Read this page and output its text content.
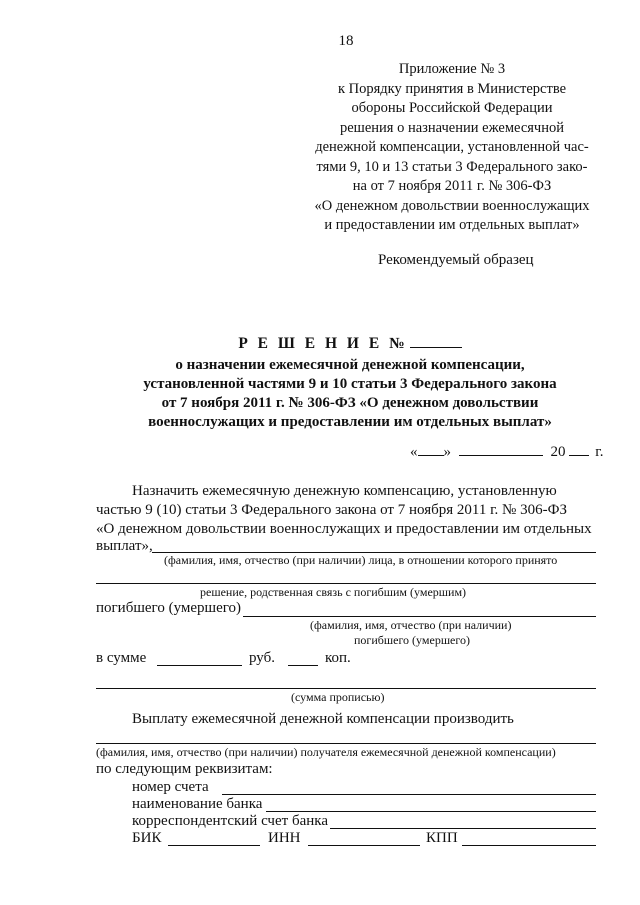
18
Приложение № 3
к Порядку принятия в Министерстве
обороны Российской Федерации
решения о назначении ежемесячной
денежной компенсации, установленной час-
тями 9, 10 и 13 статьи 3 Федерального зако-
на от 7 ноября 2011 г. № 306-ФЗ
«О денежном довольствии военнослужащих
и предоставлении им отдельных выплат»
Рекомендуемый образец
Р Е Ш Е Н И Е №
о назначении ежемесячной денежной компенсации,
установленной частями 9 и 10 статьи 3 Федерального закона
от 7 ноября 2011 г. № 306-ФЗ «О денежном довольствии
военнослужащих и предоставлении им отдельных выплат»
« »	20 г.
Назначить ежемесячную денежную компенсацию, установленную
частью 9 (10) статьи 3 Федерального закона от 7 ноября 2011 г. № 306-ФЗ
«О денежном довольствии военнослужащих и предоставлении им отдельных
выплат»,
(фамилия, имя, отчество (при наличии) лица, в отношении которого принято
решение, родственная связь с погибшим (умершим)
погибшего (умершего)
(фамилия, имя, отчество (при наличии)
погибшего (умершего)
в сумме	руб.	коп.
(сумма прописью)
Выплату ежемесячной денежной компенсации производить
(фамилия, имя, отчество (при наличии) получателя ежемесячной денежной компенсации)
по следующим реквизитам:
номер счета
наименование банка
корреспондентский счет банка
БИК	ИНН	КПП
